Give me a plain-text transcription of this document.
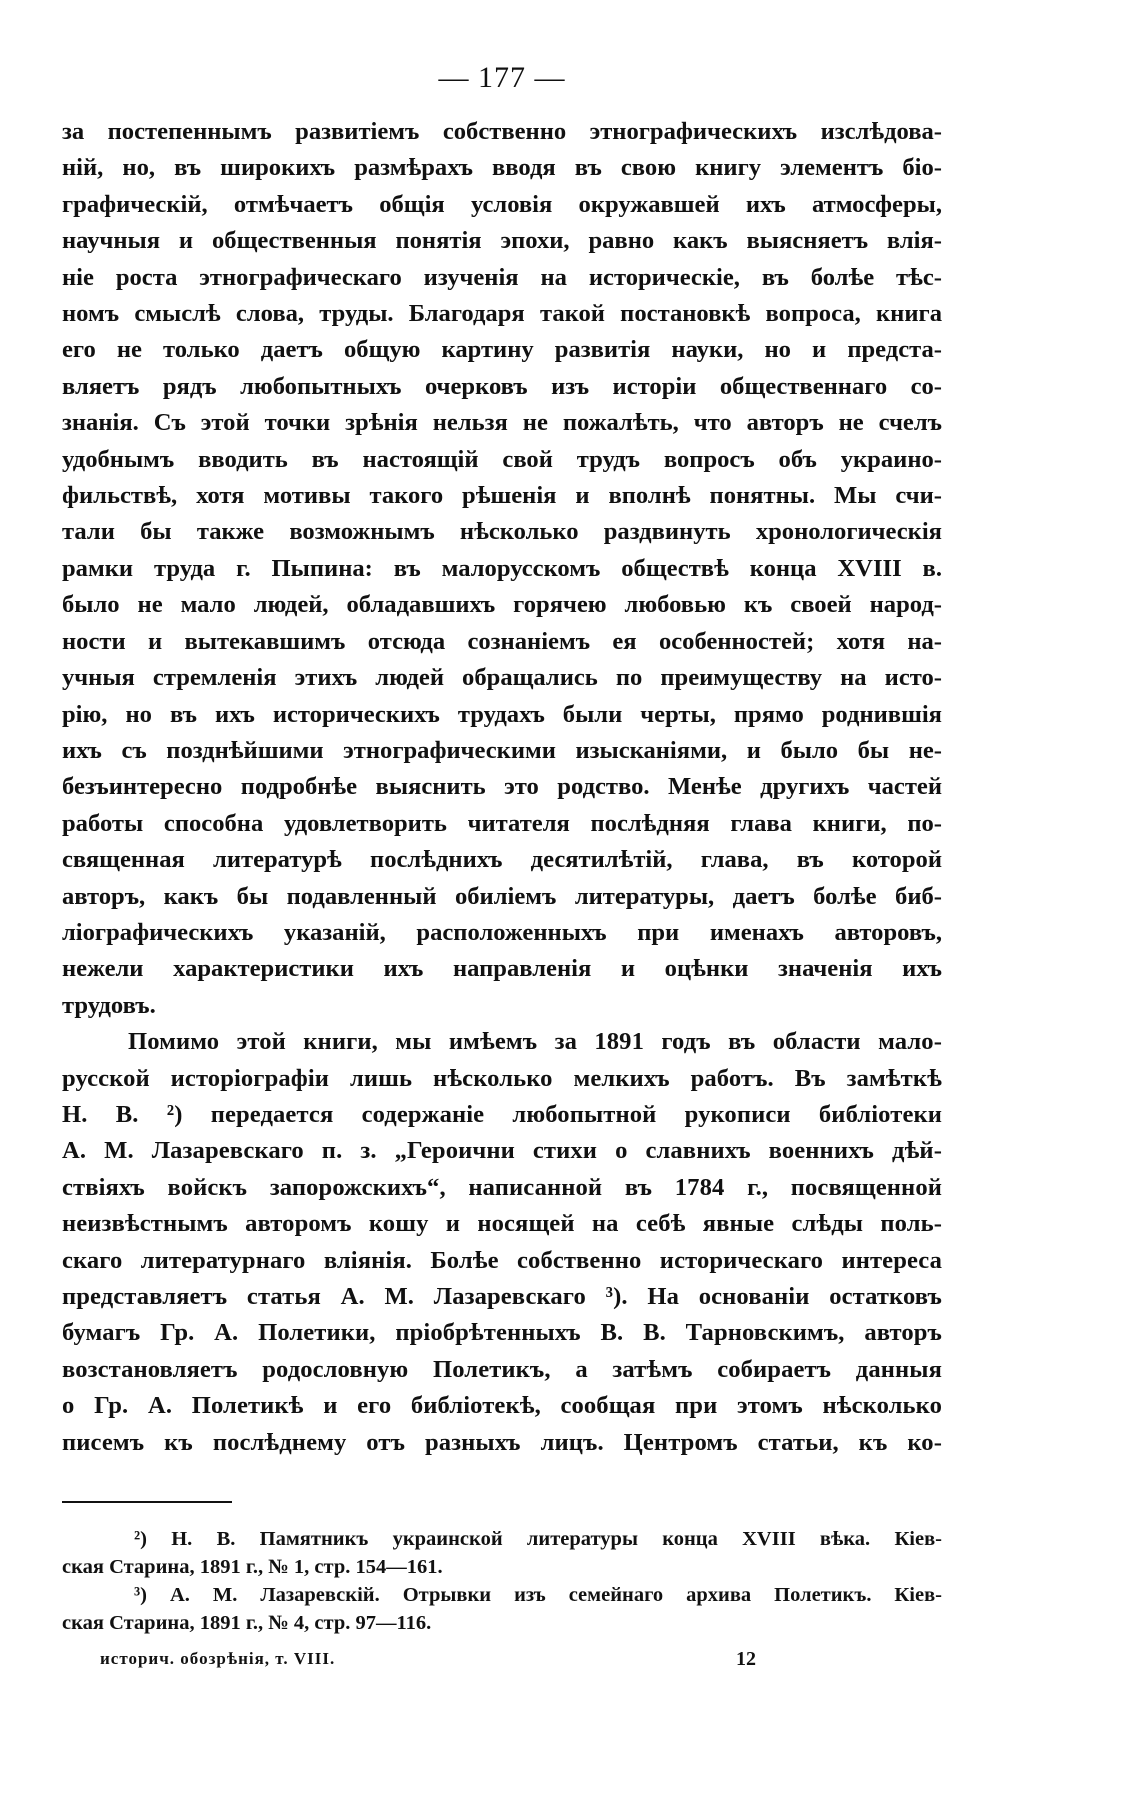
— 177 —
за постепеннымъ развитіемъ собственно этнографическихъ изслѣдова-
ній, но, въ широкихъ размѣрахъ вводя въ свою книгу элементъ біо-
графическій, отмѣчаетъ общія условія окружавшей ихъ атмосферы,
научныя и общественныя понятія эпохи, равно какъ выясняетъ влія-
ніе роста этнографическаго изученія на историческіе, въ болѣе тѣс-
номъ смыслѣ слова, труды. Благодаря такой постановкѣ вопроса, книга
его не только даетъ общую картину развитія науки, но и предста-
вляетъ рядъ любопытныхъ очерковъ изъ исторіи общественнаго со-
знанія. Съ этой точки зрѣнія нельзя не пожалѣть, что авторъ не счелъ
удобнымъ вводить въ настоящій свой трудъ вопросъ объ украино-
фильствѣ, хотя мотивы такого рѣшенія и вполнѣ понятны. Мы счи-
тали бы также возможнымъ нѣсколько раздвинуть хронологическія
рамки труда г. Пыпина: въ малорусскомъ обществѣ конца XVIII в.
было не мало людей, обладавшихъ горячею любовью къ своей народ-
ности и вытекавшимъ отсюда сознаніемъ ея особенностей; хотя на-
учныя стремленія этихъ людей обращались по преимуществу на исто-
рію, но въ ихъ историческихъ трудахъ были черты, прямо роднившія
ихъ съ позднѣйшими этнографическими изысканіями, и было бы не-
безъинтересно подробнѣе выяснить это родство. Менѣе другихъ частей
работы способна удовлетворить читателя послѣдняя глава книги, по-
священная литературѣ послѣднихъ десятилѣтій, глава, въ которой
авторъ, какъ бы подавленный обиліемъ литературы, даетъ болѣе биб-
ліографическихъ указаній, расположенныхъ при именахъ авторовъ,
нежели характеристики ихъ направленія и оцѣнки значенія ихъ
трудовъ.
Помимо этой книги, мы имѣемъ за 1891 годъ въ области мало-
русской исторіографіи лишь нѣсколько мелкихъ работъ. Въ замѣткѣ
Н. В. ²) передается содержаніе любопытной рукописи библіотеки
А. М. Лазаревскаго п. з. „Героични стихи о славнихъ военнихъ дѣй-
ствіяхъ войскъ запорожскихъ“, написанной въ 1784 г., посвященной
неизвѣстнымъ авторомъ кошу и носящей на себѣ явные слѣды поль-
скаго литературнаго вліянія. Болѣе собственно историческаго интереса
представляетъ статья А. М. Лазаревскаго ³). На основаніи остатковъ
бумагъ Гр. А. Полетики, пріобрѣтенныхъ В. В. Тарновскимъ, авторъ
возстановляетъ родословную Полетикъ, а затѣмъ собираетъ данныя
о Гр. А. Полетикѣ и его библіотекѣ, сообщая при этомъ нѣсколько
писемъ къ послѣднему отъ разныхъ лицъ. Центромъ статьи, къ ко-
²) Н. В. Памятникъ украинской литературы конца XVIII вѣка. Кіев-
ская Старина, 1891 г., № 1, стр. 154—161.
³) А. М. Лазаревскій. Отрывки изъ семейнаго архива Полетикъ. Кіев-
ская Старина, 1891 г., № 4, стр. 97—116.
историч. обозрѣнія, т. VIII.	12
